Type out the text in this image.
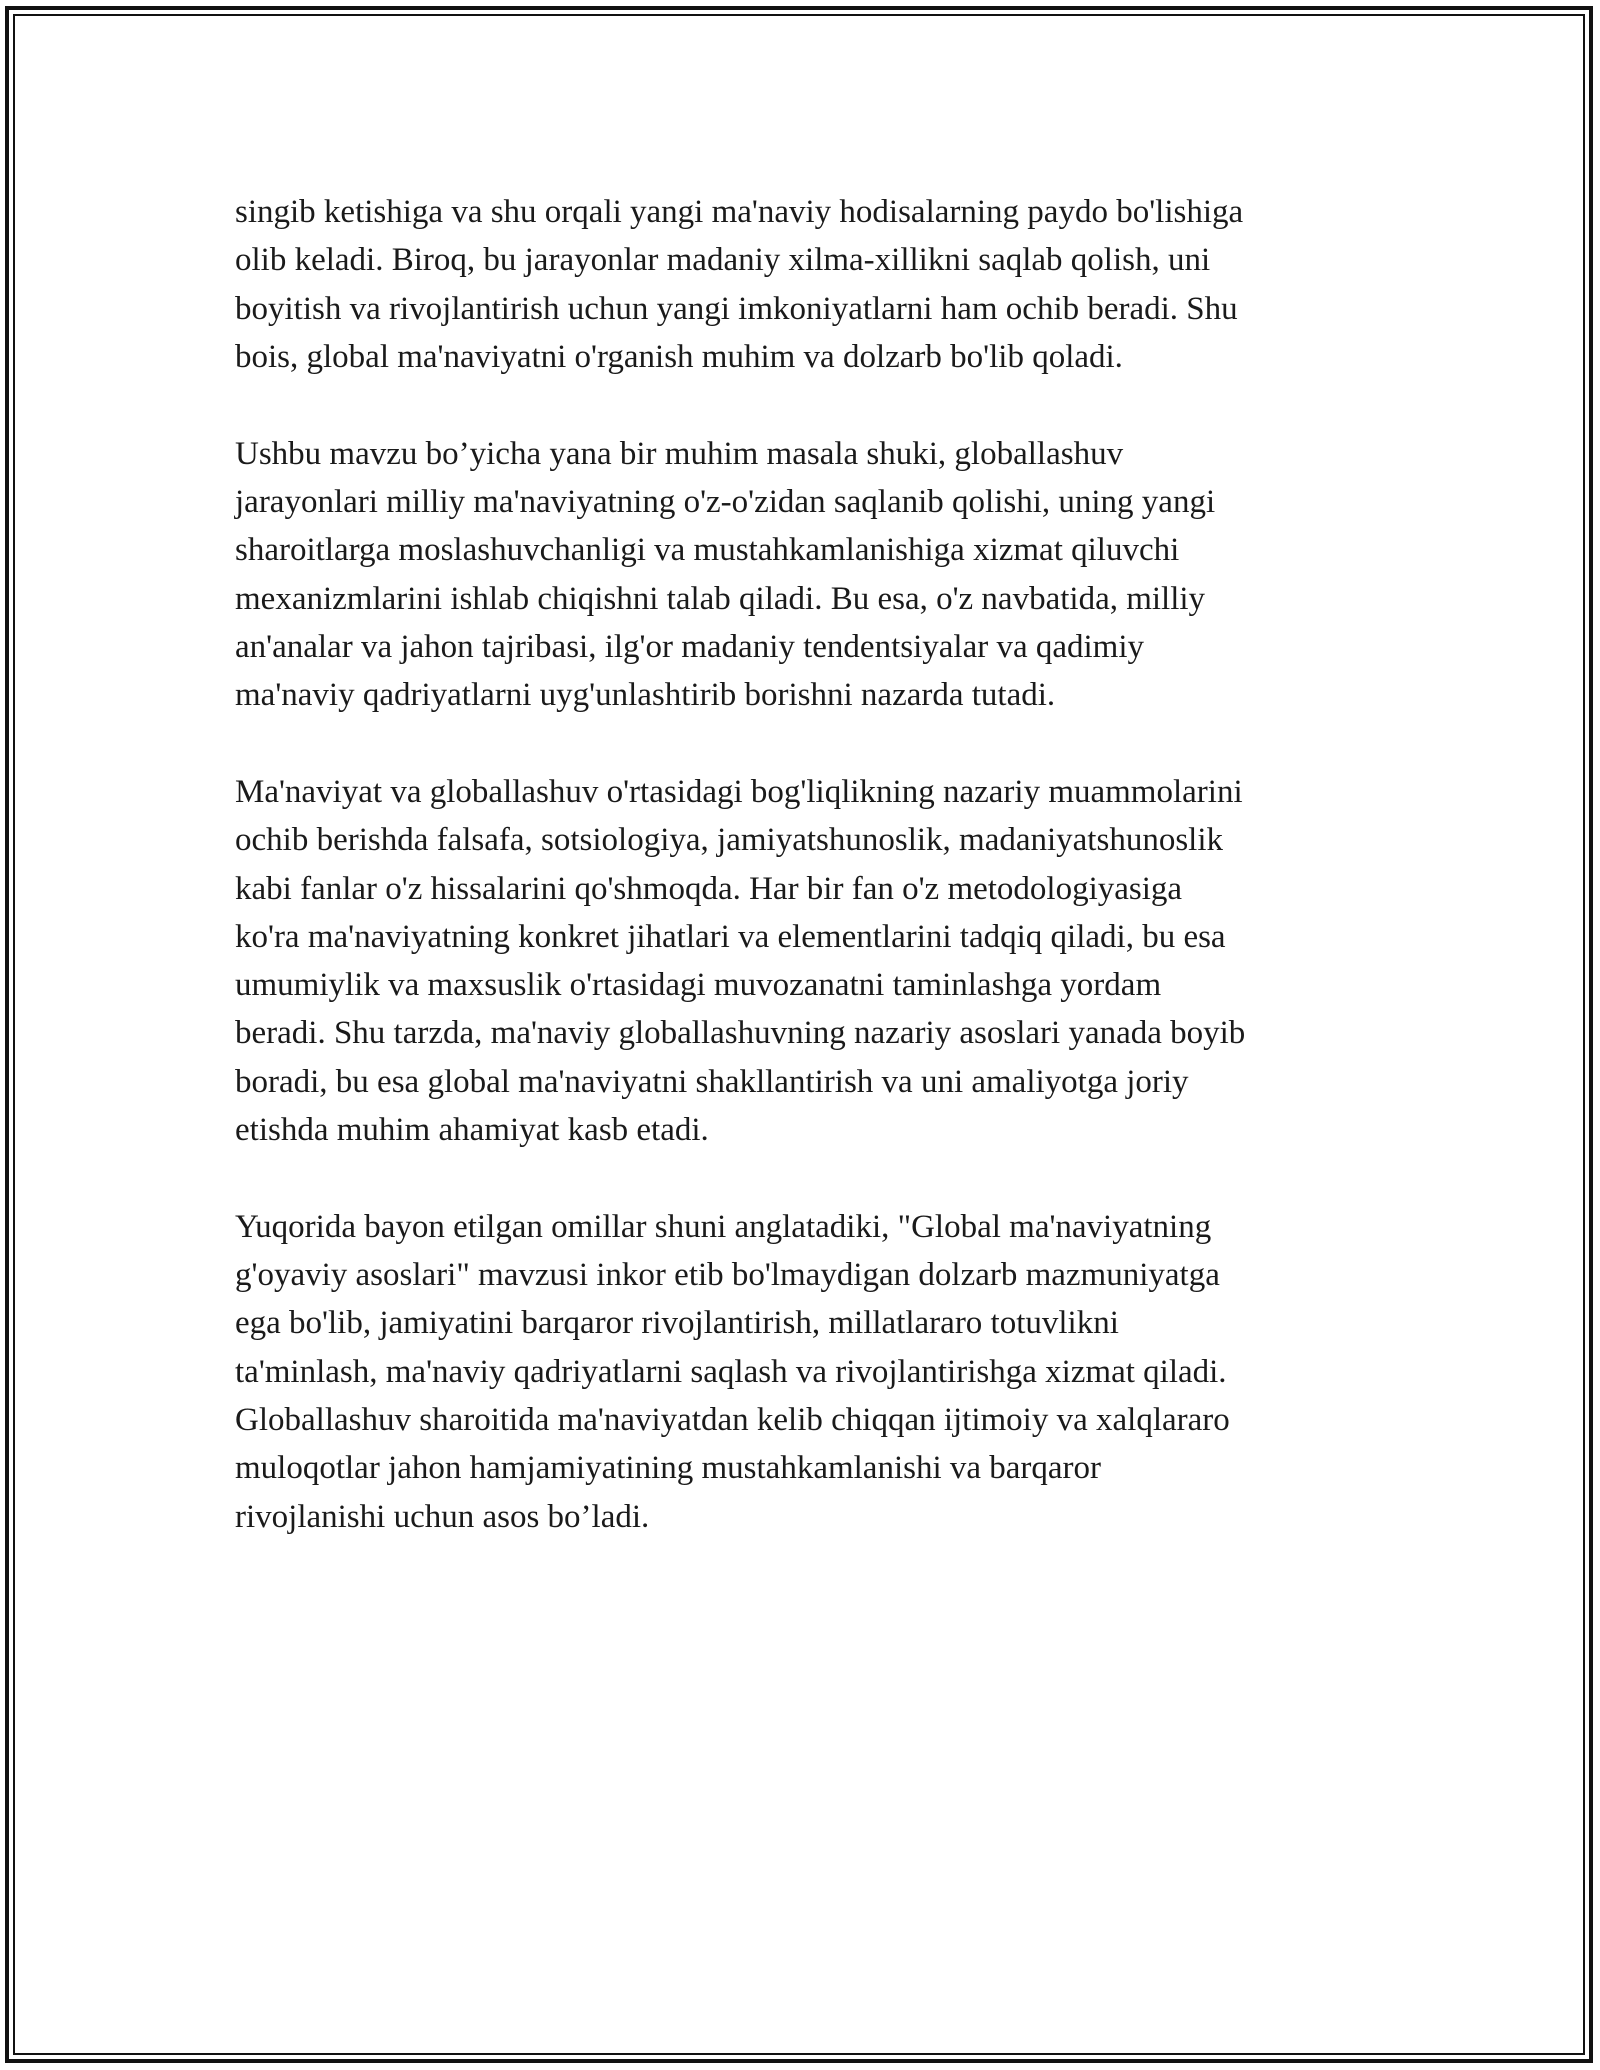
singib ketishiga va shu orqali yangi ma'naviy hodisalarning paydo bo'lishiga
olib keladi. Biroq, bu jarayonlar madaniy xilma-xillikni saqlab qolish, uni
boyitish va rivojlantirish uchun yangi imkoniyatlarni ham ochib beradi. Shu
bois, global ma'naviyatni o'rganish muhim va dolzarb bo'lib qoladi.

Ushbu mavzu bo’yicha yana bir muhim masala shuki, globallashuv
jarayonlari milliy ma'naviyatning o'z-o'zidan saqlanib qolishi, uning yangi
sharoitlarga moslashuvchanligi va mustahkamlanishiga xizmat qiluvchi
mexanizmlarini ishlab chiqishni talab qiladi. Bu esa, o'z navbatida, milliy
an'analar va jahon tajribasi, ilg'or madaniy tendentsiyalar va qadimiy
ma'naviy qadriyatlarni uyg'unlashtirib borishni nazarda tutadi.

Ma'naviyat va globallashuv o'rtasidagi bog'liqlikning nazariy muammolarini
ochib berishda falsafa, sotsiologiya, jamiyatshunoslik, madaniyatshunoslik
kabi fanlar o'z hissalarini qo'shmoqda. Har bir fan o'z metodologiyasiga
ko'ra ma'naviyatning konkret jihatlari va elementlarini tadqiq qiladi, bu esa
umumiylik va maxsuslik o'rtasidagi muvozanatni taminlashga yordam
beradi. Shu tarzda, ma'naviy globallashuvning nazariy asoslari yanada boyib
boradi, bu esa global ma'naviyatni shakllantirish va uni amaliyotga joriy
etishda muhim ahamiyat kasb etadi.

Yuqorida bayon etilgan omillar shuni anglatadiki, "Global ma'naviyatning
g'oyaviy asoslari" mavzusi inkor etib bo'lmaydigan dolzarb mazmuniyatga
ega bo'lib, jamiyatini barqaror rivojlantirish, millatlararo totuvlikni
ta'minlash, ma'naviy qadriyatlarni saqlash va rivojlantirishga xizmat qiladi.
Globallashuv sharoitida ma'naviyatdan kelib chiqqan ijtimoiy va xalqlararo
muloqotlar jahon hamjamiyatining mustahkamlanishi va barqaror
rivojlanishi uchun asos bo’ladi.
